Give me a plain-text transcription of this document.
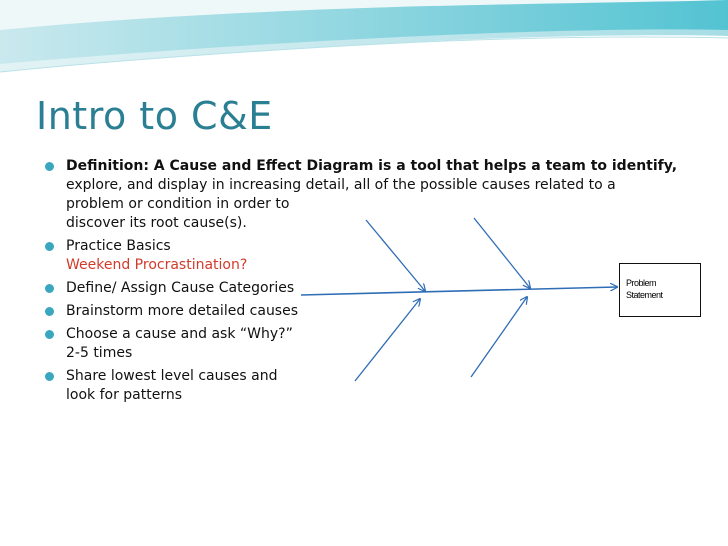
Intro to C&E
Definition: A Cause and Effect Diagram is a tool that helps a team to identify,
explore, and display in increasing detail, all of the possible causes related to a
problem or condition in order to
discover its root cause(s).
Practice Basics
Weekend Procrastination?
Define/ Assign Cause Categories
Brainstorm more detailed causes
Choose a cause and ask “Why?”
2-5 times
Share lowest level causes and
look for patterns
Problem
Statement
